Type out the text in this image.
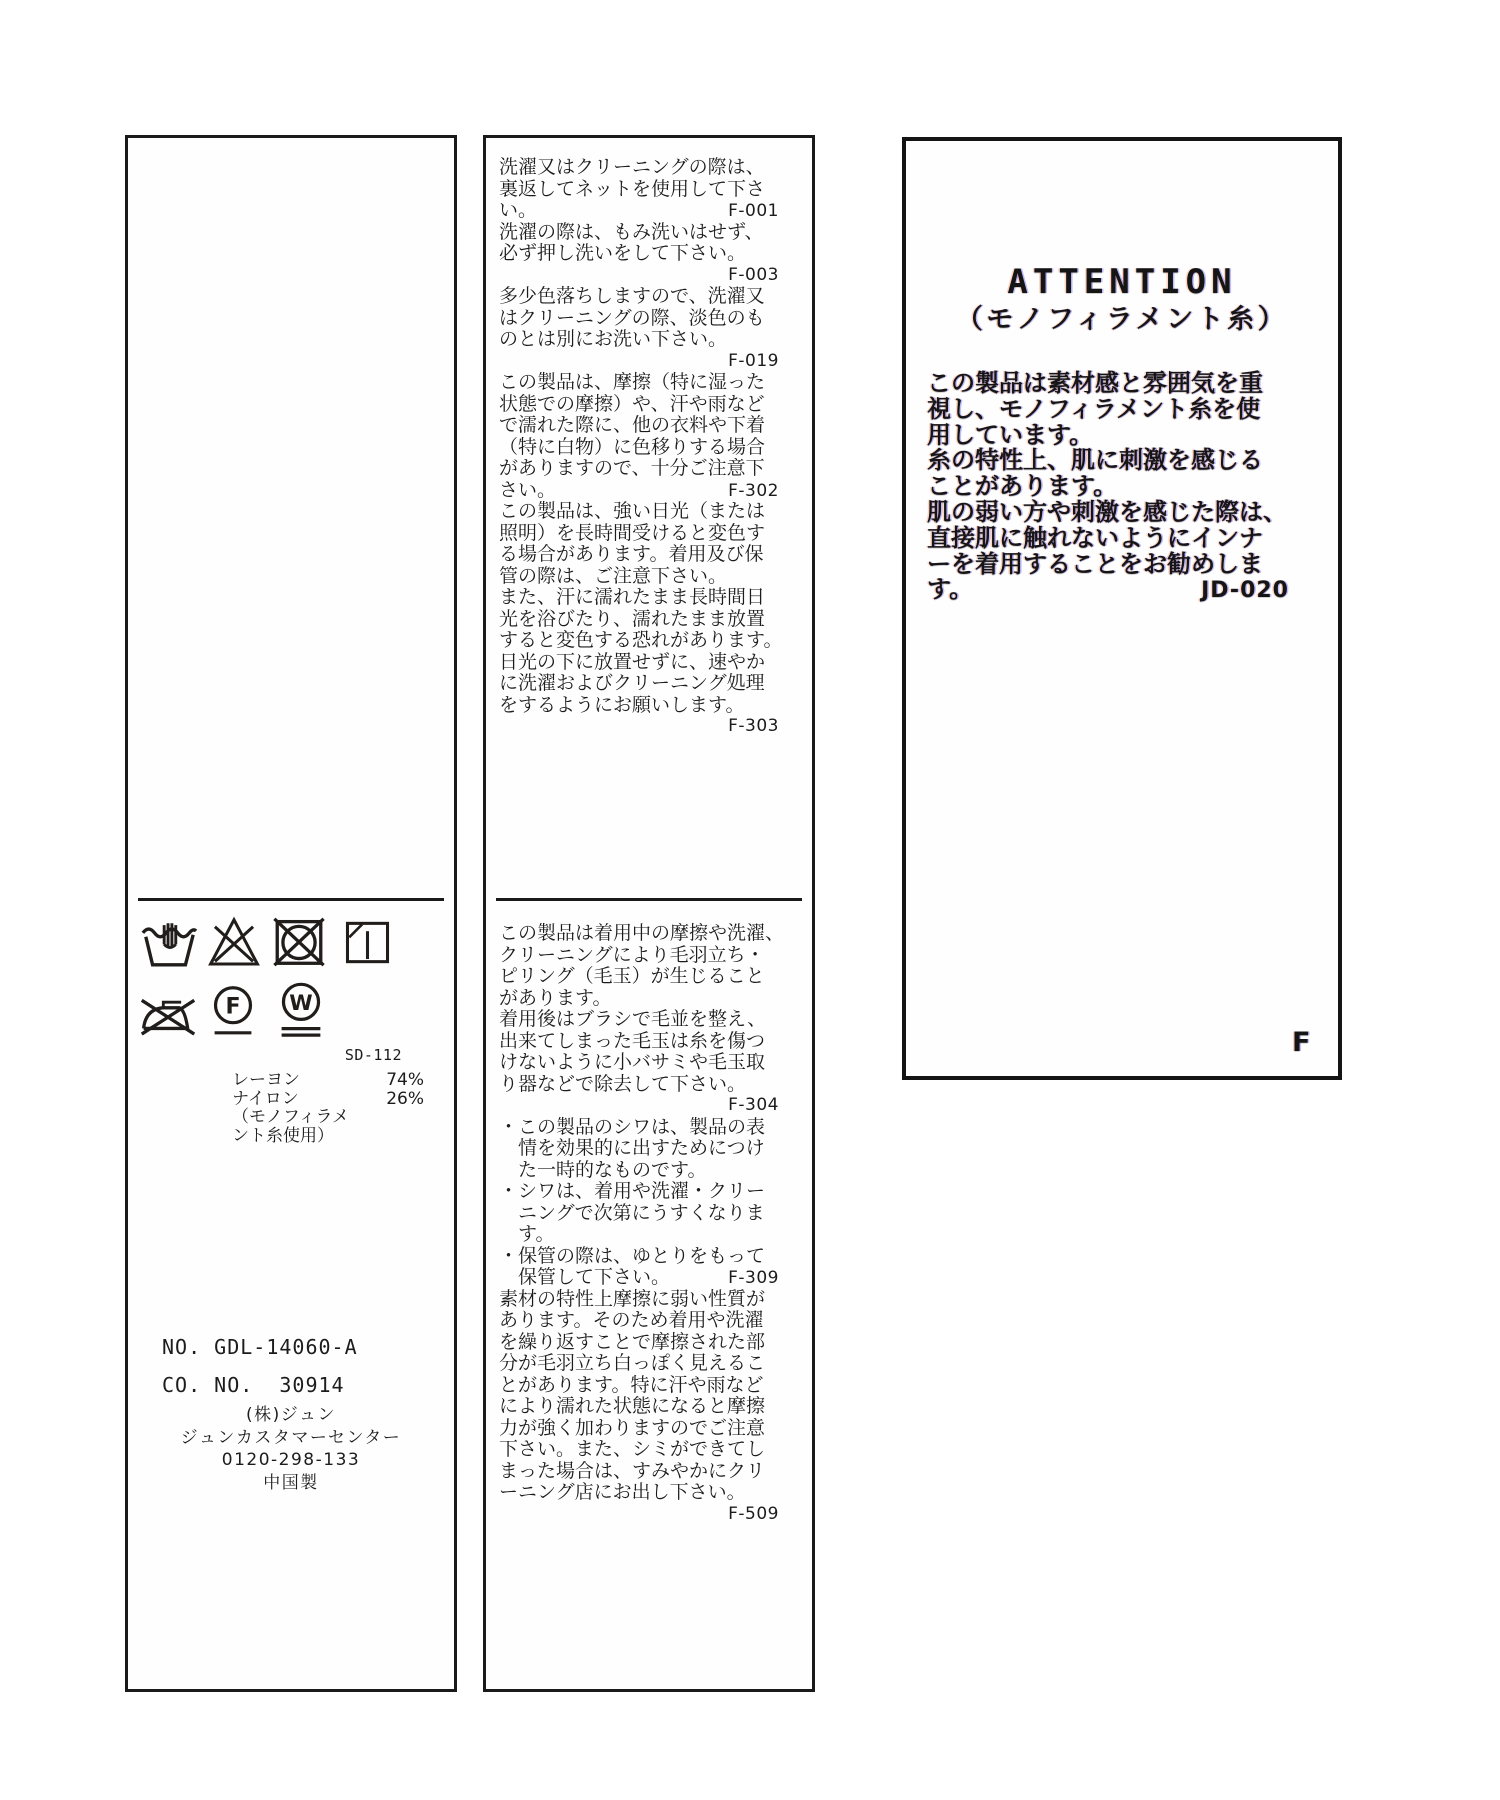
F W
SD-112
レーヨン	74%
ナイロン	26%
（モノフィラメ
ント糸使用）
NO. GDL-14060-A
CO. NO.  30914
(株)ジュン
ジュンカスタマーセンター
0120-298-133
中国製
洗濯又はクリーニングの際は、
裏返してネットを使用して下さ
い。	F-001
洗濯の際は、もみ洗いはせず、
必ず押し洗いをして下さい。
F-003
多少色落ちしますので、洗濯又
はクリーニングの際、淡色のも
のとは別にお洗い下さい。
F-019
この製品は、摩擦（特に湿った
状態での摩擦）や、汗や雨など
で濡れた際に、他の衣料や下着
（特に白物）に色移りする場合
がありますので、十分ご注意下
さい。	F-302
この製品は、強い日光（または
照明）を長時間受けると変色す
る場合があります。着用及び保
管の際は、ご注意下さい。
また、汗に濡れたまま長時間日
光を浴びたり、濡れたまま放置
すると変色する恐れがあります。
日光の下に放置せずに、速やか
に洗濯およびクリーニング処理
をするようにお願いします。
F-303
この製品は着用中の摩擦や洗濯、
クリーニングにより毛羽立ち・
ピリング（毛玉）が生じること
があります。
着用後はブラシで毛並を整え、
出来てしまった毛玉は糸を傷つ
けないように小バサミや毛玉取
り器などで除去して下さい。
F-304
・この製品のシワは、製品の表
　情を効果的に出すためにつけ
　た一時的なものです。
・シワは、着用や洗濯・クリー
　ニングで次第にうすくなりま
　す。
・保管の際は、ゆとりをもって
　保管して下さい。	F-309
素材の特性上摩擦に弱い性質が
あります。そのため着用や洗濯
を繰り返すことで摩擦された部
分が毛羽立ち白っぽく見えるこ
とがあります。特に汗や雨など
により濡れた状態になると摩擦
力が強く加わりますのでご注意
下さい。また、シミができてし
まった場合は、すみやかにクリ
ーニング店にお出し下さい。
F-509
ATTENTION
（モノフィラメント糸）
この製品は素材感と雰囲気を重
視し、モノフィラメント糸を使
用しています。
糸の特性上、肌に刺激を感じる
ことがあります。
肌の弱い方や刺激を感じた際は、
直接肌に触れないようにインナ
ーを着用することをお勧めしま
す。	JD-020
F
